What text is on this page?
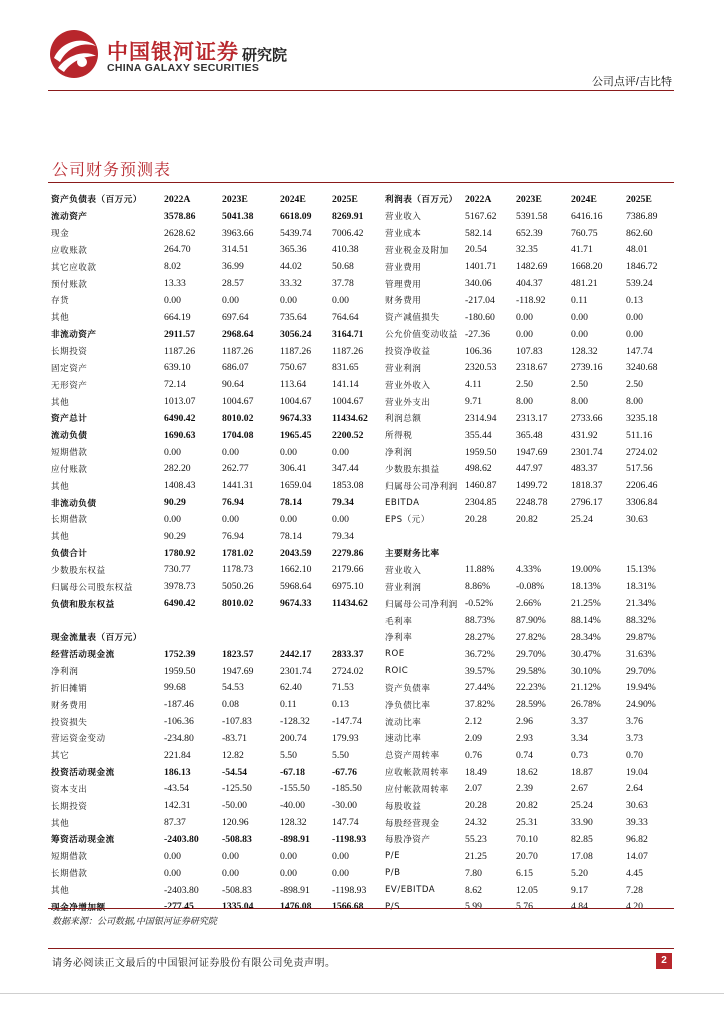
中国银河证券
CHINA GALAXY SECURITIES
研究院
公司点评/吉比特
公司财务预测表
资产负债表（百万元）	2022A	2023E	2024E	2025E
流动资产	3578.86	5041.38	6618.09	8269.91
现金	2628.62	3963.66	5439.74	7006.42
应收账款	264.70	314.51	365.36	410.38
其它应收款	8.02	36.99	44.02	50.68
预付账款	13.33	28.57	33.32	37.78
存货	0.00	0.00	0.00	0.00
其他	664.19	697.64	735.64	764.64
非流动资产	2911.57	2968.64	3056.24	3164.71
长期投资	1187.26	1187.26	1187.26	1187.26
固定资产	639.10	686.07	750.67	831.65
无形资产	72.14	90.64	113.64	141.14
其他	1013.07	1004.67	1004.67	1004.67
资产总计	6490.42	8010.02	9674.33	11434.62
流动负债	1690.63	1704.08	1965.45	2200.52
短期借款	0.00	0.00	0.00	0.00
应付账款	282.20	262.77	306.41	347.44
其他	1408.43	1441.31	1659.04	1853.08
非流动负债	90.29	76.94	78.14	79.34
长期借款	0.00	0.00	0.00	0.00
其他	90.29	76.94	78.14	79.34
负债合计	1780.92	1781.02	2043.59	2279.86
少数股东权益	730.77	1178.73	1662.10	2179.66
归属母公司股东权益	3978.73	5050.26	5968.64	6975.10
负债和股东权益	6490.42	8010.02	9674.33	11434.62

现金流量表（百万元）				
经营活动现金流	1752.39	1823.57	2442.17	2833.37
净利润	1959.50	1947.69	2301.74	2724.02
折旧摊销	99.68	54.53	62.40	71.53
财务费用	-187.46	0.08	0.11	0.13
投资损失	-106.36	-107.83	-128.32	-147.74
营运资金变动	-234.80	-83.71	200.74	179.93
其它	221.84	12.82	5.50	5.50
投资活动现金流	186.13	-54.54	-67.18	-67.76
资本支出	-43.54	-125.50	-155.50	-185.50
长期投资	142.31	-50.00	-40.00	-30.00
其他	87.37	120.96	128.32	147.74
筹资活动现金流	-2403.80	-508.83	-898.91	-1198.93
短期借款	0.00	0.00	0.00	0.00
长期借款	0.00	0.00	0.00	0.00
其他	-2403.80	-508.83	-898.91	-1198.93
现金净增加额	-277.45	1335.04	1476.08	1566.68
利润表（百万元）	2022A	2023E	2024E	2025E
营业收入	5167.62	5391.58	6416.16	7386.89
营业成本	582.14	652.39	760.75	862.60
营业税金及附加	20.54	32.35	41.71	48.01
营业费用	1401.71	1482.69	1668.20	1846.72
管理费用	340.06	404.37	481.21	539.24
财务费用	-217.04	-118.92	0.11	0.13
资产减值损失	-180.60	0.00	0.00	0.00
公允价值变动收益	-27.36	0.00	0.00	0.00
投资净收益	106.36	107.83	128.32	147.74
营业利润	2320.53	2318.67	2739.16	3240.68
营业外收入	4.11	2.50	2.50	2.50
营业外支出	9.71	8.00	8.00	8.00
利润总额	2314.94	2313.17	2733.66	3235.18
所得税	355.44	365.48	431.92	511.16
净利润	1959.50	1947.69	2301.74	2724.02
少数股东损益	498.62	447.97	483.37	517.56
归属母公司净利润	1460.87	1499.72	1818.37	2206.46
EBITDA	2304.85	2248.78	2796.17	3306.84
EPS（元）	20.28	20.82	25.24	30.63

主要财务比率				
营业收入	11.88%	4.33%	19.00%	15.13%
营业利润	8.86%	-0.08%	18.13%	18.31%
归属母公司净利润	-0.52%	2.66%	21.25%	21.34%
毛利率	88.73%	87.90%	88.14%	88.32%
净利率	28.27%	27.82%	28.34%	29.87%
ROE	36.72%	29.70%	30.47%	31.63%
ROIC	39.57%	29.58%	30.10%	29.70%
资产负债率	27.44%	22.23%	21.12%	19.94%
净负债比率	37.82%	28.59%	26.78%	24.90%
流动比率	2.12	2.96	3.37	3.76
速动比率	2.09	2.93	3.34	3.73
总资产周转率	0.76	0.74	0.73	0.70
应收帐款周转率	18.49	18.62	18.87	19.04
应付帐款周转率	2.07	2.39	2.67	2.64
每股收益	20.28	20.82	25.24	30.63
每股经营现金	24.32	25.31	33.90	39.33
每股净资产	55.23	70.10	82.85	96.82
P/E	21.25	20.70	17.08	14.07
P/B	7.80	6.15	5.20	4.45
EV/EBITDA	8.62	12.05	9.17	7.28
P/S	5.99	5.76	4.84	4.20
数据来源：公司数据,中国银河证券研究院
请务必阅读正文最后的中国银河证券股份有限公司免责声明。	2
